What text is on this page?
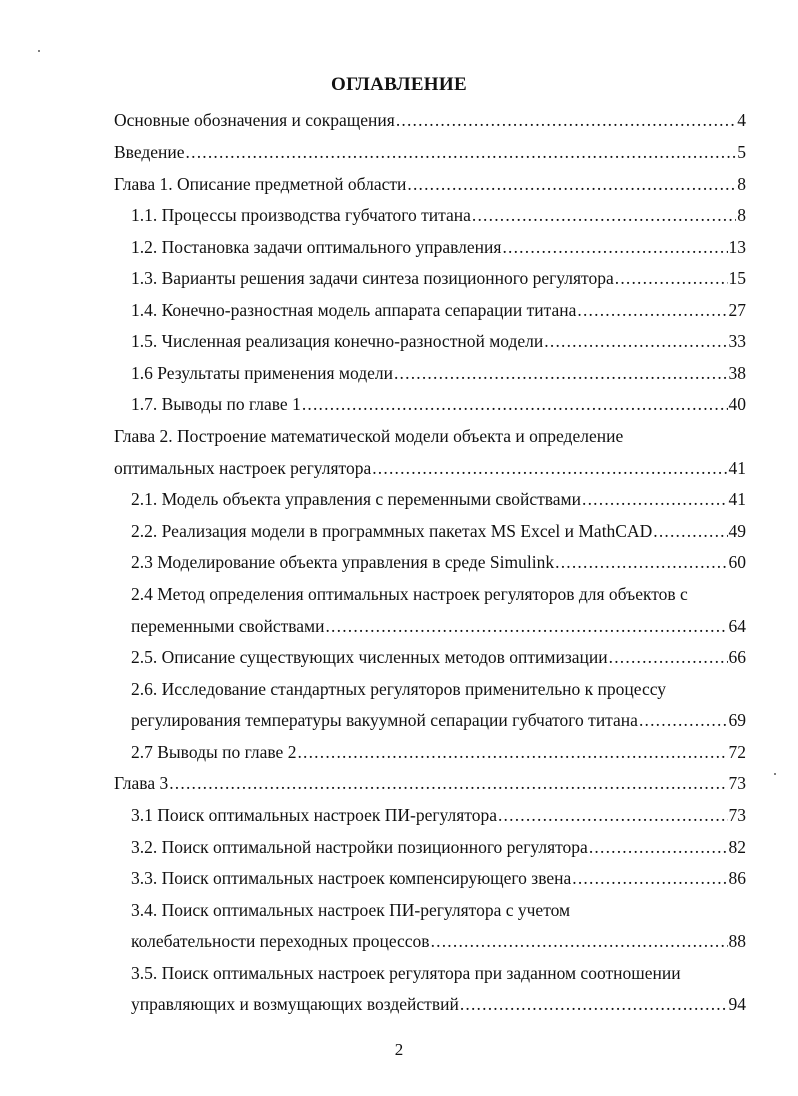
ОГЛАВЛЕНИЕ
Основные обозначения и сокращения .....	4
Введение .....	5
Глава 1. Описание предметной области .....	8
1.1. Процессы производства губчатого титана .....	8
1.2. Постановка задачи оптимального управления .....	13
1.3. Варианты решения задачи синтеза позиционного регулятора .....	15
1.4. Конечно-разностная модель аппарата сепарации титана .....	27
1.5. Численная реализация конечно-разностной модели .....	33
1.6 Результаты применения модели .....	38
1.7. Выводы по главе 1 .....	40
Глава 2. Построение математической модели объекта и определение
оптимальных настроек регулятора .....	41
2.1. Модель объекта управления с переменными свойствами .....	41
2.2. Реализация модели в программных пакетах MS Excel и MathCAD .....	49
2.3 Моделирование объекта управления в среде Simulink .....	60
2.4 Метод определения оптимальных настроек регуляторов для объектов с
переменными свойствами .....	64
2.5. Описание существующих численных методов оптимизации .....	66
2.6. Исследование стандартных регуляторов применительно к процессу
регулирования температуры вакуумной сепарации губчатого титана .....	69
2.7 Выводы по главе 2 .....	72
Глава 3 .....	73
3.1 Поиск оптимальных настроек ПИ-регулятора .....	73
3.2. Поиск оптимальной настройки позиционного регулятора .....	82
3.3. Поиск оптимальных настроек компенсирующего звена .....	86
3.4. Поиск оптимальных настроек ПИ-регулятора с учетом
колебательности переходных процессов .....	88
3.5. Поиск оптимальных настроек регулятора при заданном соотношении
управляющих и возмущающих воздействий .....	94
2
